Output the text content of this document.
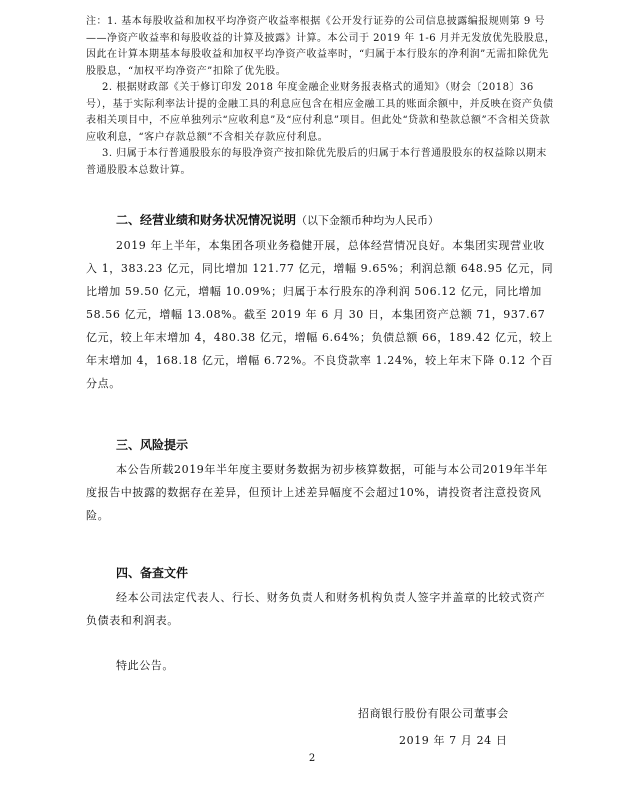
注：1. 基本每股收益和加权平均净资产收益率根据《公开发行证券的公司信息披露编报规则第 9 号——净资产收益率和每股收益的计算及披露》计算。本公司于 2019 年 1-6 月并无发放优先股股息，因此在计算本期基本每股收益和加权平均净资产收益率时，“归属于本行股东的净利润”无需扣除优先股股息，“加权平均净资产”扣除了优先股。

2. 根据财政部《关于修订印发 2018 年度金融企业财务报表格式的通知》（财会〔2018〕36 号），基于实际利率法计提的金融工具的利息应包含在相应金融工具的账面余额中，并反映在资产负债表相关项目中，不应单独列示“应收利息”及“应付利息”项目。但此处“贷款和垫款总额”不含相关贷款应收利息，“客户存款总额”不含相关存款应付利息。

3. 归属于本行普通股股东的每股净资产按扣除优先股后的归属于本行普通股股东的权益除以期末普通股股本总数计算。

二、经营业绩和财务状况情况说明（以下金额币种均为人民币）

2019 年上半年，本集团各项业务稳健开展，总体经营情况良好。本集团实现营业收入 1，383.23 亿元，同比增加 121.77 亿元，增幅 9.65%；利润总额 648.95 亿元，同比增加 59.50 亿元，增幅 10.09%；归属于本行股东的净利润 506.12 亿元，同比增加 58.56 亿元，增幅 13.08%。截至 2019 年 6 月 30 日，本集团资产总额 71，937.67 亿元，较上年末增加 4，480.38 亿元，增幅 6.64%；负债总额 66，189.42 亿元，较上年末增加 4，168.18 亿元，增幅 6.72%。不良贷款率 1.24%，较上年末下降 0.12 个百分点。

三、风险提示

本公告所载2019年半年度主要财务数据为初步核算数据，可能与本公司2019年半年度报告中披露的数据存在差异，但预计上述差异幅度不会超过10%，请投资者注意投资风险。

四、备查文件

经本公司法定代表人、行长、财务负责人和财务机构负责人签字并盖章的比较式资产负债表和利润表。

特此公告。

招商银行股份有限公司董事会
2019 年 7 月 24 日
2
